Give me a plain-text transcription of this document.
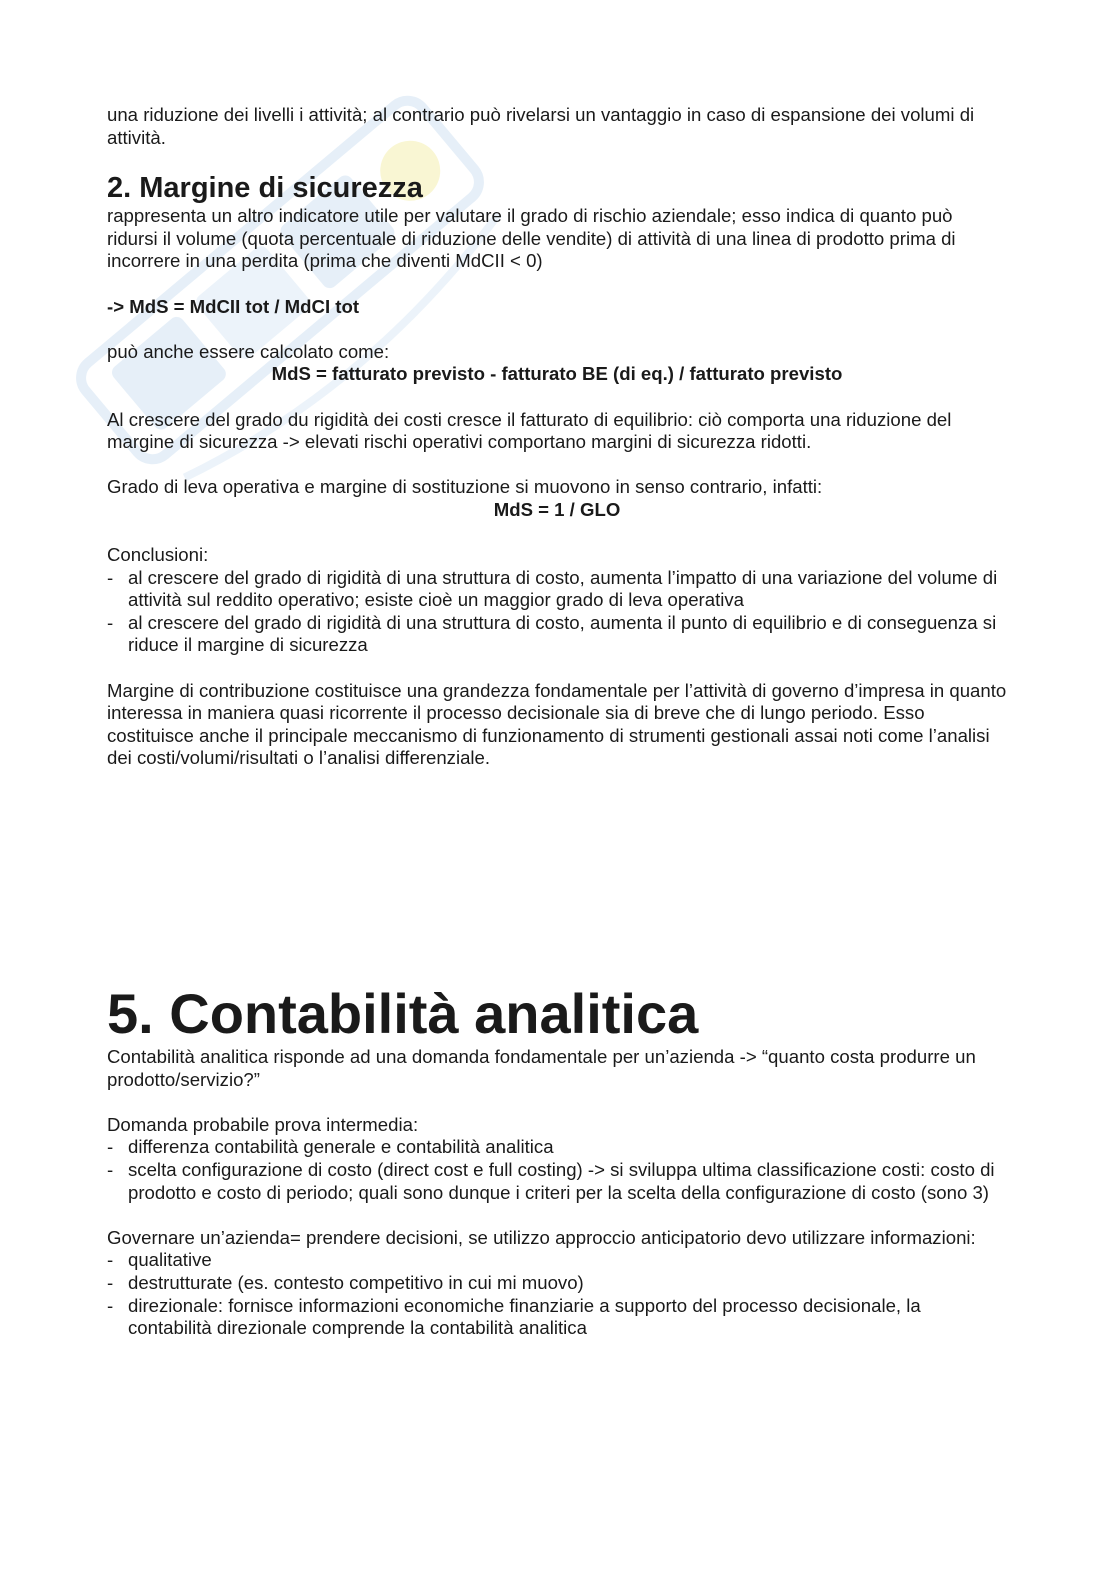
una riduzione dei livelli i attività; al contrario può rivelarsi un vantaggio in caso di espansione dei volumi di attività.

2. Margine di sicurezza

rappresenta un altro indicatore utile per valutare il grado di rischio aziendale; esso indica di quanto può ridursi il volume (quota percentuale di riduzione delle vendite) di attività di una linea di prodotto prima di incorrere in una perdita (prima che diventi MdCII < 0)

-> MdS = MdCII tot / MdCI tot

può anche essere calcolato come:

MdS = fatturato previsto - fatturato BE (di eq.) / fatturato previsto

Al crescere del grado du rigidità dei costi cresce il fatturato di equilibrio: ciò comporta una riduzione del margine di sicurezza -> elevati rischi operativi comportano margini di sicurezza ridotti.

Grado di leva operativa e margine di sostituzione si muovono in senso contrario, infatti:

MdS = 1 / GLO

Conclusioni:

- al crescere del grado di rigidità di una struttura di costo, aumenta l’impatto di una variazione del volume di attività sul reddito operativo; esiste cioè un maggior grado di leva operativa
- al crescere del grado di rigidità di una struttura di costo, aumenta il punto di equilibrio e di conseguenza si riduce il margine di sicurezza

Margine di contribuzione costituisce una grandezza fondamentale per l’attività di governo d’impresa in quanto interessa in maniera quasi ricorrente il processo decisionale sia di breve che di lungo periodo. Esso costituisce anche il principale meccanismo di funzionamento di strumenti gestionali assai noti come l’analisi dei costi/volumi/risultati o l’analisi differenziale.

5. Contabilità analitica

Contabilità analitica risponde ad una domanda fondamentale per un’azienda -> “quanto costa produrre un prodotto/servizio?”

Domanda probabile prova intermedia:

- differenza contabilità generale e contabilità analitica
- scelta configurazione di costo (direct cost e full costing) -> si sviluppa ultima classificazione costi: costo di prodotto e costo di periodo; quali sono dunque i criteri per la scelta della configurazione di costo (sono 3)

Governare un’azienda= prendere decisioni, se utilizzo approccio anticipatorio devo utilizzare informazioni:

- qualitative
- destrutturate (es. contesto competitivo in cui mi muovo)
- direzionale: fornisce informazioni economiche finanziarie a supporto del processo decisionale, la contabilità direzionale comprende la contabilità analitica
